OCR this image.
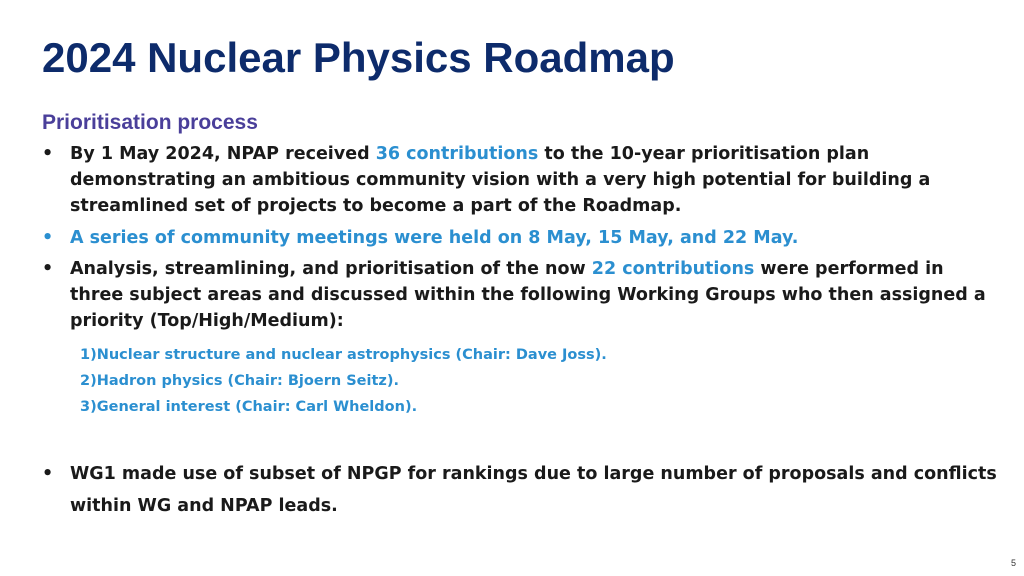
2024 Nuclear Physics Roadmap
Prioritisation process
• By 1 May 2024, NPAP received 36 contributions to the 10-year prioritisation plan demonstrating an ambitious community vision with a very high potential for building a streamlined set of projects to become a part of the Roadmap.
• A series of community meetings were held on 8 May, 15 May, and 22 May.
• Analysis, streamlining, and prioritisation of the now 22 contributions were performed in three subject areas and discussed within the following Working Groups who then assigned a priority (Top/High/Medium):
1)Nuclear structure and nuclear astrophysics (Chair: Dave Joss).
2)Hadron physics (Chair: Bjoern Seitz).
3)General interest (Chair: Carl Wheldon).
• WG1 made use of subset of NPGP for rankings due to large number of proposals and conflicts within WG and NPAP leads.
5
